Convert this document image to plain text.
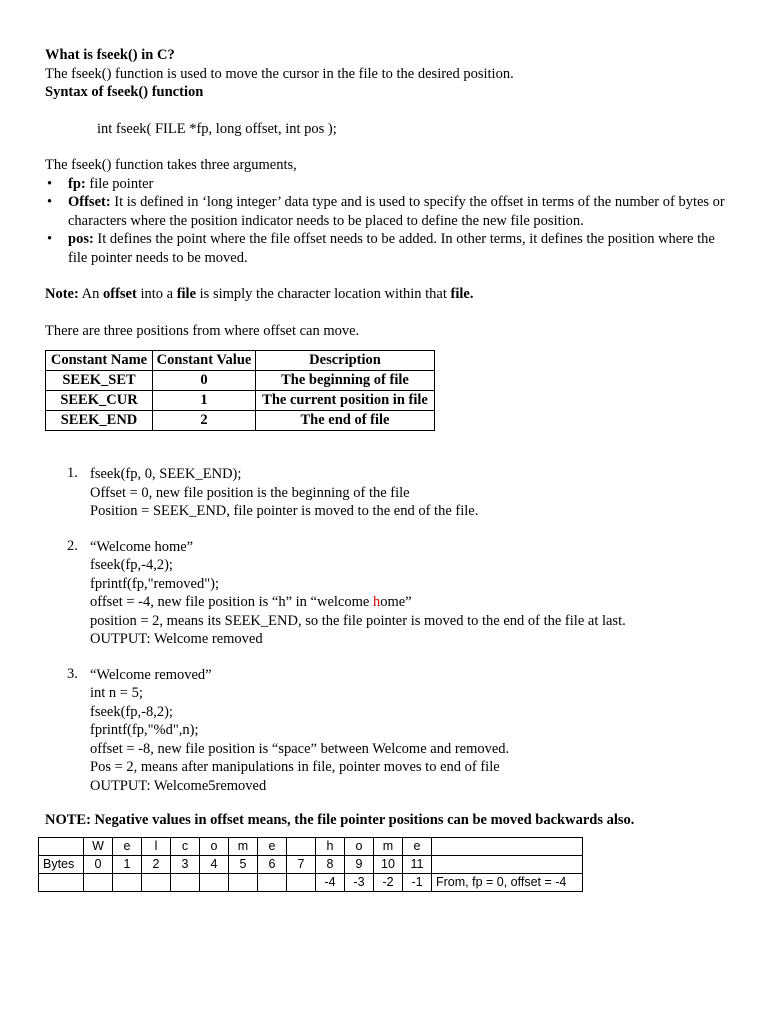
What is fseek() in C?
The fseek() function is used to move the cursor in the file to the desired position.
Syntax of fseek() function
int fseek( FILE *fp, long offset, int pos );
The fseek() function takes three arguments,
• fp: file pointer
• Offset: It is defined in ‘long integer’ data type and is used to specify the offset in terms of the number of bytes or characters where the position indicator needs to be placed to define the new file position.
• pos: It defines the point where the file offset needs to be added. In other terms, it defines the position where the file pointer needs to be moved.
Note: An offset into a file is simply the character location within that file.
There are three positions from where offset can move.
Constant Name	Constant Value	Description
SEEK_SET	0	The beginning of file
SEEK_CUR	1	The current position in file
SEEK_END	2	The end of file
1. fseek(fp, 0, SEEK_END);
Offset = 0, new file position is the beginning of the file
Position = SEEK_END, file pointer is moved to the end of the file.
2. “Welcome home”
fseek(fp,-4,2);
fprintf(fp,"removed");
offset = -4, new file position is “h” in “welcome home”
position = 2, means its SEEK_END, so the file pointer is moved to the end of the file at last.
OUTPUT: Welcome removed
3. “Welcome removed”
int n = 5;
fseek(fp,-8,2);
fprintf(fp,"%d",n);
offset = -8, new file position is “space” between Welcome and removed.
Pos = 2, means after manipulations in file, pointer moves to end of file
OUTPUT: Welcome5removed
NOTE: Negative values in offset means, the file pointer positions can be moved backwards also.
	W	e	l	c	o	m	e		h	o	m	e	
Bytes	0	1	2	3	4	5	6	7	8	9	10	11	
									-4	-3	-2	-1	From, fp = 0, offset = -4
